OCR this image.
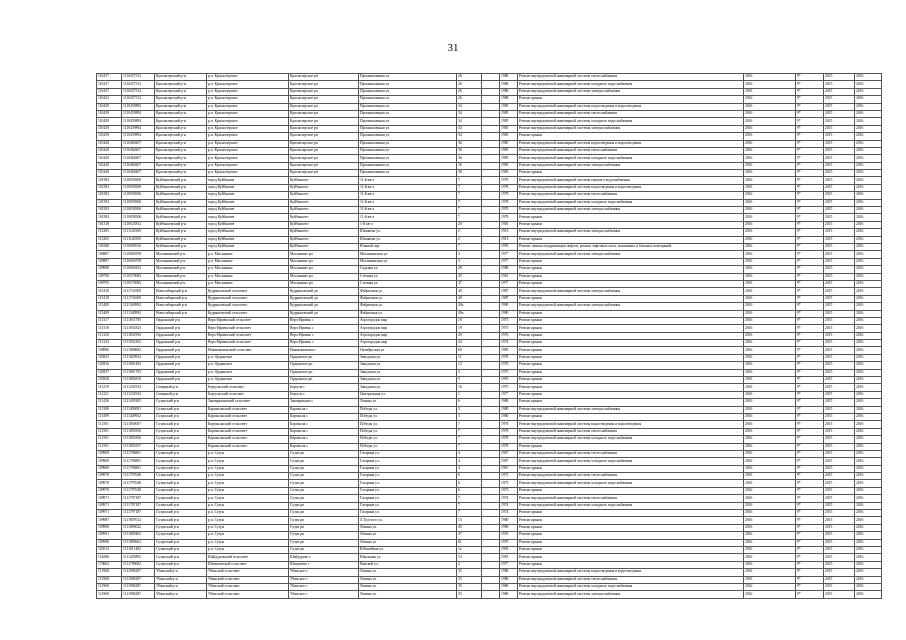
31
110437	1110457512	Краснозерский р-н	р.п. Краснозерское	Краснозерское рп	Промышленная ул.	26		1986	Ремонт внутридомовой инженерной системы теплоснабжения	2016	9*	2015	2016
110437	1110457512	Краснозерский р-н	р.п. Краснозерское	Краснозерское рп	Промышленная ул.	26		1986	Ремонт внутридомовой инженерной системы холодного водоснабжения	2016	9*	2015	2016
110437	1110457512	Краснозерский р-н	р.п. Краснозерское	Краснозерское рп	Промышленная ул.	26		1986	Ремонт внутридомовой инженерной системы электроснабжения	2016	9*	2015	2016
110432	1110457512	Краснозерский р-н	р.п. Краснозерское	Краснозерское рп	Промышленная ул.	26		1988	Ремонт крыши	2016	9*	2015	2016
110439	1110459892	Краснозерский р-н	р.п. Краснозерское	Краснозерское рп	Промышленная ул.	34		1985	Ремонт внутридомовой инженерной системы водоотведения и водоотведения	2016	9*	2015	2016
110439	1110459892	Краснозерский р-н	р.п. Краснозерское	Краснозерское рп	Промышленная ул.	34		1985	Ремонт внутридомовой инженерной системы теплоснабжения	2016	9*	2015	2016
110439	1110459892	Краснозерский р-н	р.п. Краснозерское	Краснозерское рп	Промышленная ул.	34		1985	Ремонт внутридомовой инженерной системы холодного водоснабжения	2016	9*	2015	2016
110439	1110459892	Краснозерский р-н	р.п. Краснозерское	Краснозерское рп	Промышленная ул.	34		1985	Ремонт внутридомовой инженерной системы электроснабжения	2016	9*	2015	2016
110439	1110459892	Краснозерский р-н	р.п. Краснозерское	Краснозерское рп	Промышленная ул.	34		1985	Ремонт крыши	2016	9*	2015	2016
110440	1110460407	Краснозерский р-н	р.п. Краснозерское	Краснозерское рп	Промышленная ул.	36		1985	Ремонт внутридомовой инженерной системы водоотведения и водоотведения	2016	9*	2015	2016
110440	1110460407	Краснозерский р-н	р.п. Краснозерское	Краснозерское рп	Промышленная ул.	36		1985	Ремонт внутридомовой инженерной системы теплоснабжения	2016	9*	2015	2016
110440	1110460407	Краснозерский р-н	р.п. Краснозерское	Краснозерское рп	Промышленная ул.	36		1985	Ремонт внутридомовой инженерной системы холодного водоснабжения	2016	9*	2015	2016
110440	1110460407	Краснозерский р-н	р.п. Краснозерское	Краснозерское рп	Промышленная ул.	36		1985	Ремонт внутридомовой инженерной системы электроснабжения	2016	9*	2015	2016
110440	1110460407	Краснозерский р-н	р.п. Краснозерское	Краснозерское рп	Промышленная ул.	36		1985	Ремонт крыши	2016	9*	2015	2016
101583	1110058306	Куйбышевский р-н	город Куйбышев	Куйбышев г	11-й кв-л	7		1978	Ремонт внутридомовой инженерной системы горячего водоснабжения	2016	9*	2015	2016
101583	1110058306	Куйбышевский р-н	город Куйбышев	Куйбышев г	11-й кв-л	7		1978	Ремонт внутридомовой инженерной системы водоотведения и водоотведения	2016	9*	2015	2016
101583	1110058306	Куйбышевский р-н	город Куйбышев	Куйбышев г	11-й кв-л	7		1978	Ремонт внутридомовой инженерной системы теплоснабжения	2016	9*	2015	2016
101583	1110058306	Куйбышевский р-н	город Куйбышев	Куйбышев г	11-й кв-л	7		1978	Ремонт внутридомовой инженерной системы холодного водоснабжения	2016	9*	2015	2016
101583	1110058306	Куйбышевский р-н	город Куйбышев	Куйбышев г	11-й кв-л	7		1978	Ремонт внутридомовой инженерной системы электроснабжения	2016	9*	2015	2016
101583	1110058306	Куйбышевский р-н	город Куйбышев	Куйбышев г	11-й кв-л	7		1978	Ремонт крыши	2016	9*	2015	2016
101318	1110025812	Куйбышевский р-н	город Куйбышев	Куйбышев г	1-й кв-л	20		1981	Ремонт крыши	2016	9*	2015	2016
113205	1111120569	Куйбышевский р-н	город Куйбышев	Куйбышев г	Шишкова ул.	2		1913	Ремонт внутридомовой инженерной системы электроснабжения	2016	9*	2015	2016
113205	1111120569	Куйбышевский р-н	город Куйбышев	Куйбышев г	Шишкова ул.	2		1913	Ремонт крыши	2016	9*	2015	2016
101688	1110088316	Куйбышевский р-н	город Куйбышев	Куйбышев г	Южный пер.	7		1959	Ремонт, замена модернизация лифтов, ремонт лифтовых шахт, машинных и блочных помещений	2016	9*	2015	2016
109887	1110060709	Маслянинский р-н	р.п. Маслянино	Маслянино рп	Маслянинская ул.	3		1977	Ремонт внутридомовой инженерной системы электроснабжения	2016	9*	2015	2016
109887	1110060709	Маслянинский р-н	р.п. Маслянино	Маслянино рп	Маслянинская ул.	3		1977	Ремонт крыши	2016	9*	2015	2016
109998	1110060452	Маслянинский р-н	р.п. Маслянино	Маслянино рп	Садовая ул.	28		1989	Ремонт крыши	2016	9*	2015	2016
109790	1110570082	Маслянинский р-н	р.п. Маслянино	Маслянино рп	Степная ул.	45		1961	Ремонт крыши	2016	9*	2015	2016
109795	1110570082	Маслянинский р-н	р.п. Маслянино	Маслянино рп	Степная ул.	47		1977	Ремонт крыши	2016	9*	2015	2016
115410	1111741069	Новосибирский р-н	Кудряшовский сельсовет	Кудряшовский дп	Фабричная ул.	49		1987	Ремонт внутридомовой инженерной системы электроснабжения	2016	9*	2015	2016
115410	1111741069	Новосибирский р-н	Кудряшовский сельсовет	Кудряшовский дп	Фабричная ул.	49		1987	Ремонт крыши	2016	9*	2015	2016
115409	1111340992	Новосибирский р-н	Кудряшовский сельсовет	Кудряшовский дп	Фабричная ул.	49а		1990	Ремонт внутридомовой инженерной системы электроснабжения	2016	9*	2015	2016
115409	1111340992	Новосибирский р-н	Кудряшовский сельсовет	Кудряшовский дп	Фабричная ул.	49а		1990	Ремонт крыши	2016	9*	2015	2016
111317	1111831795	Ордынский р-н	Верх-Ирменский сельсовет	Верх-Ирмень с	Агрогородок мкр	18		1975	Ремонт крыши	2016	9*	2015	2016
111318	1111831823	Ордынский р-н	Верх-Ирменский сельсовет	Верх-Ирмень с	Агрогородок мкр	19		1975	Ремонт крыши	2016	9*	2015	2016
111320	1111831992	Ордынский р-н	Верх-Ирменский сельсовет	Верх-Ирмень с	Агрогородок мкр	20		1976	Ремонт крыши	2016	9*	2015	2016
111323	1111832302	Ордынский р-н	Верх-Ирменский сельсовет	Верх-Ирмень с	Агрогородок мкр	24		1974	Ремонт крыши	2016	9*	2015	2016
108986	1111808682	Ордынский р-н	Нижнекаменский сельсовет	Нижнекаменка с	Октябрьская ул.	69		1985	Ремонт крыши	2016	9*	2015	2016
110825	1111829932	Ордынский р-н	р.п. Ордынское	Ордынское рп	Заводская ул.	11		1978	Ремонт крыши	2016	9*	2015	2016
110836	1111801492	Ордынский р-н	р.п. Ордынское	Ордынское рп	Заводская ул.	13		1978	Ремонт крыши	2016	9*	2015	2016
110837	1111801703	Ордынский р-н	р.п. Ордынское	Ордынское рп	Заводская ул.	3		1975	Ремонт крыши	2016	9*	2015	2016
110828	1111802810	Ордынский р-н	р.п. Ордынское	Ордынское рп	Заводская ул.	5		1976	Ремонт крыши	2016	9*	2015	2016
111219	1111231932	Северный р-н	Бергульский сельсовет	Бергуль с	Заводская ул.	16		1975	Ремонт крыши	2016	9*	2015	2016
111221	1111231932	Северный р-н	Бергульский сельсовет	Бергуль с	Центральная ул.	1		1977	Ремонт крыши	2016	9*	2015	2016
111436	1111439305	Сузунский р-н	Заковряжинский сельсовет	Заковряжино с	Ленина ул.	6		1980	Ремонт крыши	2016	9*	2015	2016
111500	1111495091	Сузунский р-н	Карпысакский сельсовет	Карпысак с	Победы ул.	3		1980	Ремонт внутридомовой инженерной системы электроснабжения	2016	9*	2015	2016
111499	1111449952	Сузунский р-н	Карпысакский сельсовет	Карпысак с	Победы ул.	3		1980	Ремонт крыши	2016	9*	2015	2016
111501	1111850007	Сузунский р-н	Карпысакский сельсовет	Карпысак с	Победы ул.	7		1978	Ремонт внутридомовой инженерной системы водоотведения и водоотведения	2016	9*	2015	2016
111501	1111850356	Сузунский р-н	Карпысакский сельсовет	Карпысак с	Победы ул.	7		1978	Ремонт внутридомовой инженерной системы теплоснабжения	2016	9*	2015	2016
111501	1111850356	Сузунский р-н	Карпысакский сельсовет	Карпысак с	Победы ул.	7		1978	Ремонт внутридомовой инженерной системы холодного водоснабжения	2016	9*	2015	2016
111501	1111850357	Сузунский р-н	Карпысакский сельсовет	Карпысак с	Победы ул.	7		1978	Ремонт крыши	2016	9*	2015	2016
109969	1111796861	Сузунский р-н	р.п. Сузун	Сузун рп	Гагарина ул.	4		1967	Ремонт внутридомовой инженерной системы теплоснабжения	2016	9*	2015	2016
109969	1111796861	Сузунский р-н	р.п. Сузун	Сузун рп	Гагарина ул.	4		1967	Ремонт внутридомовой инженерной системы холодного водоснабжения	2016	9*	2015	2016
109969	1111796861	Сузунский р-н	р.п. Сузун	Сузун рп	Гагарина ул.	4		1967	Ремонт крыши	2016	9*	2015	2016
109970	1111797048	Сузунский р-н	р.п. Сузун	Сузун рп	Гагарина ул.	6		1973	Ремонт внутридомовой инженерной системы теплоснабжения	2016	9*	2015	2016
109970	1111797048	Сузунский р-н	р.п. Сузун	Сузун рп	Гагарина ул.	6		1973	Ремонт внутридомовой инженерной системы холодного водоснабжения	2016	9*	2015	2016
109970	1111797048	Сузунский р-н	р.п. Сузун	Сузун рп	Гагарина ул.	6		1973	Ремонт крыши	2016	9*	2015	2016
109971	1111797187	Сузунский р-н	р.п. Сузун	Сузун рп	Гагарина ул.	7		1974	Ремонт внутридомовой инженерной системы теплоснабжения	2016	9*	2015	2016
109971	1111797187	Сузунский р-н	р.п. Сузун	Сузун рп	Гагарина ул.	7		1974	Ремонт внутридомовой инженерной системы холодного водоснабжения	2016	9*	2015	2016
109971	1111797187	Сузунский р-н	р.п. Сузун	Сузун рп	Гагарина ул.	7		1974	Ремонт крыши	2016	9*	2015	2016
109987	1111807012	Сузунский р-н	р.п. Сузун	Сузун рп	Л.Толстого ул.	13		1980	Ремонт крыши	2016	9*	2015	2016
109990	1111809022	Сузунский р-н	р.п. Сузун	Сузун рп	Ленина ул.	45		1990	Ремонт крыши	2016	9*	2015	2016
109991	1111809402	Сузунский р-н	р.п. Сузун	Сузун рп	Ленина ул.	47		1976	Ремонт крыши	2016	9*	2015	2016
109998	1111809662	Сузунский р-н	р.п. Сузун	Сузун рп	Ленина ул.	61		1970	Ремонт крыши	2016	9*	2015	2016
110014	1111811482	Сузунский р-н	р.п. Сузун	Сузун рп	Юбилейная ул.	1а		1993	Ремонт крыши	2016	9*	2015	2016
112086	1111205802	Сузунский р-н	Шайдуровский сельсовет	Шайдурово с	Школьная ул.	13		1981	Ремонт крыши	2016	9*	2015	2016
170602	1111790082	Сузунский р-н	Шипуновский сельсовет	Шипуново с	Ряжской ул.	2		1977	Ремонт крыши	2016	9*	2015	2016
111968	1111096387	Убинский р-н	Убинский сельсовет	Убинское с	Ленина ул.	35		1986	Ремонт внутридомовой инженерной системы водоотведения и водоотведения	2016	9*	2015	2016
111968	1111096387	Убинский р-н	Убинский сельсовет	Убинское с	Ленина ул.	35		1986	Ремонт внутридомовой инженерной системы теплоснабжения	2016	9*	2015	2016
111968	1111096387	Убинский р-н	Убинский сельсовет	Убинское с	Ленина ул.	35		1986	Ремонт внутридомовой инженерной системы холодного водоснабжения	2016	9*	2015	2016
111968	1111096387	Убинский р-н	Убинский сельсовет	Убинское с	Ленина ул.	35		1986	Ремонт внутридомовой инженерной системы электроснабжения	2016	9*	2015	2016
